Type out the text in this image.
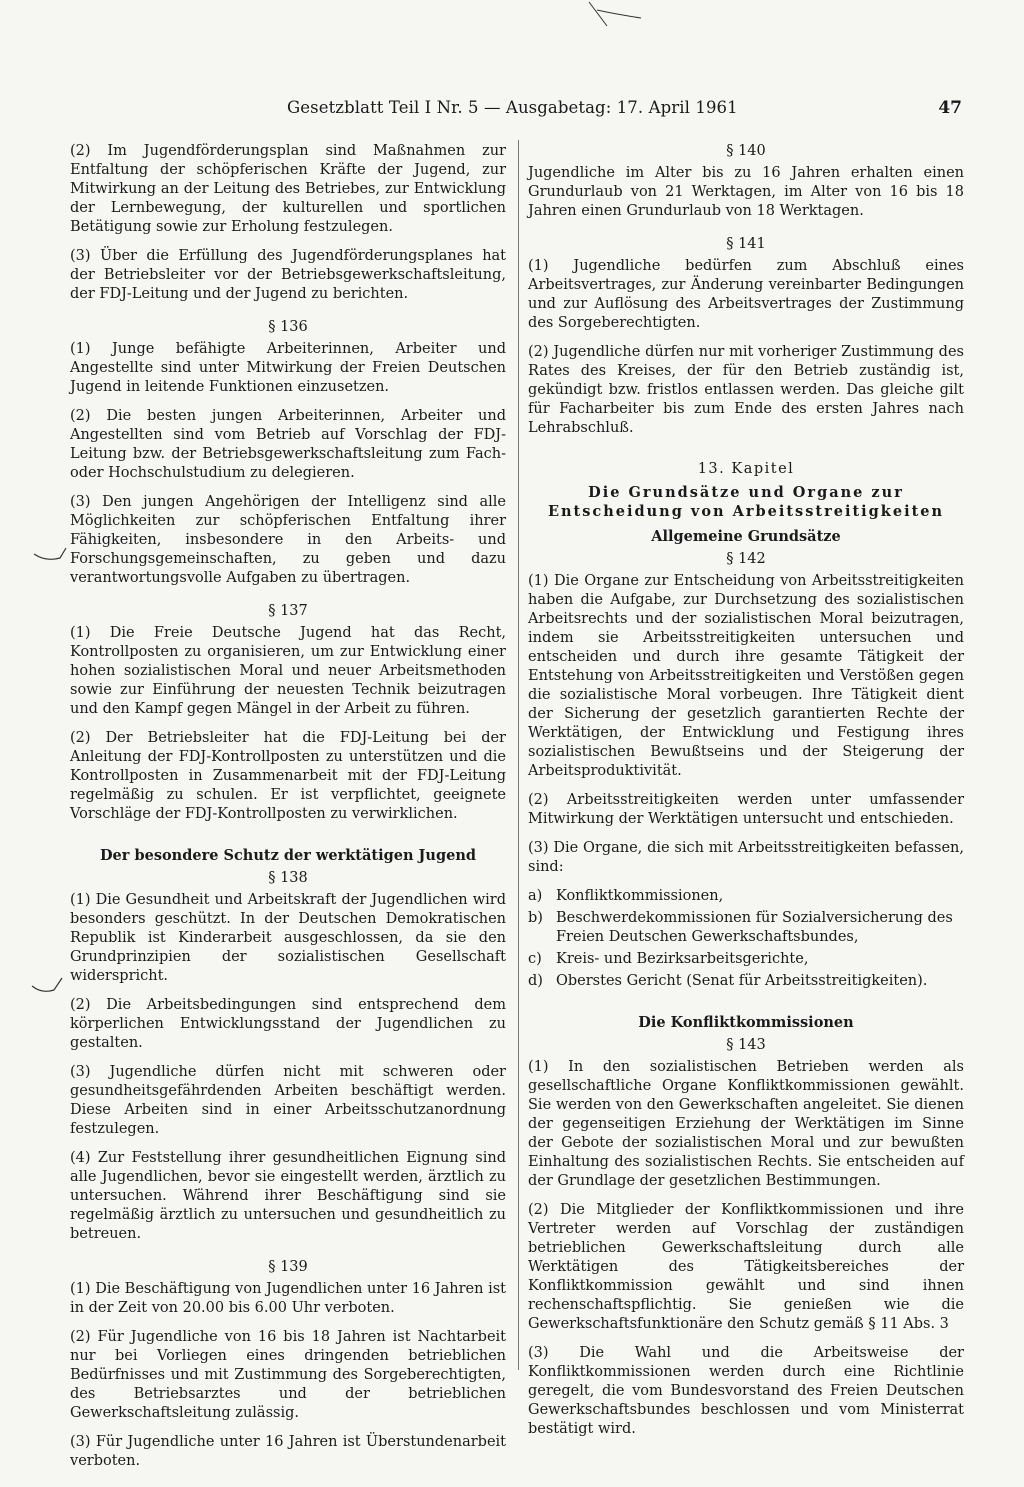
Gesetzblatt Teil I Nr. 5 — Ausgabetag: 17. April 1961	47

(2) Im Jugendförderungsplan sind Maßnahmen zur Entfaltung der schöpferischen Kräfte der Jugend, zur Mitwirkung an der Leitung des Betriebes, zur Entwicklung der Lernbewegung, der kulturellen und sportlichen Betätigung sowie zur Erholung festzulegen.

(3) Über die Erfüllung des Jugendförderungsplanes hat der Betriebsleiter vor der Betriebsgewerkschaftsleitung, der FDJ-Leitung und der Jugend zu berichten.

§ 136

(1) Junge befähigte Arbeiterinnen, Arbeiter und Angestellte sind unter Mitwirkung der Freien Deutschen Jugend in leitende Funktionen einzusetzen.

(2) Die besten jungen Arbeiterinnen, Arbeiter und Angestellten sind vom Betrieb auf Vorschlag der FDJ-Leitung bzw. der Betriebsgewerkschaftsleitung zum Fach- oder Hochschulstudium zu delegieren.

(3) Den jungen Angehörigen der Intelligenz sind alle Möglichkeiten zur schöpferischen Entfaltung ihrer Fähigkeiten, insbesondere in den Arbeits- und Forschungsgemeinschaften, zu geben und dazu verantwortungsvolle Aufgaben zu übertragen.

§ 137

(1) Die Freie Deutsche Jugend hat das Recht, Kontrollposten zu organisieren, um zur Entwicklung einer hohen sozialistischen Moral und neuer Arbeitsmethoden sowie zur Einführung der neuesten Technik beizutragen und den Kampf gegen Mängel in der Arbeit zu führen.

(2) Der Betriebsleiter hat die FDJ-Leitung bei der Anleitung der FDJ-Kontrollposten zu unterstützen und die Kontrollposten in Zusammenarbeit mit der FDJ-Leitung regelmäßig zu schulen. Er ist verpflichtet, geeignete Vorschläge der FDJ-Kontrollposten zu verwirklichen.

Der besondere Schutz der werktätigen Jugend
§ 138

(1) Die Gesundheit und Arbeitskraft der Jugendlichen wird besonders geschützt. In der Deutschen Demokratischen Republik ist Kinderarbeit ausgeschlossen, da sie den Grundprinzipien der sozialistischen Gesellschaft widerspricht.

(2) Die Arbeitsbedingungen sind entsprechend dem körperlichen Entwicklungsstand der Jugendlichen zu gestalten.

(3) Jugendliche dürfen nicht mit schweren oder gesundheitsgefährdenden Arbeiten beschäftigt werden. Diese Arbeiten sind in einer Arbeitsschutzanordnung festzulegen.

(4) Zur Feststellung ihrer gesundheitlichen Eignung sind alle Jugendlichen, bevor sie eingestellt werden, ärztlich zu untersuchen. Während ihrer Beschäftigung sind sie regelmäßig ärztlich zu untersuchen und gesundheitlich zu betreuen.

§ 139

(1) Die Beschäftigung von Jugendlichen unter 16 Jahren ist in der Zeit von 20.00 bis 6.00 Uhr verboten.

(2) Für Jugendliche von 16 bis 18 Jahren ist Nachtarbeit nur bei Vorliegen eines dringenden betrieblichen Bedürfnisses und mit Zustimmung des Sorgeberechtigten, des Betriebsarztes und der betrieblichen Gewerkschaftsleitung zulässig.

(3) Für Jugendliche unter 16 Jahren ist Überstundenarbeit verboten.

§ 140

Jugendliche im Alter bis zu 16 Jahren erhalten einen Grundurlaub von 21 Werktagen, im Alter von 16 bis 18 Jahren einen Grundurlaub von 18 Werktagen.

§ 141

(1) Jugendliche bedürfen zum Abschluß eines Arbeitsvertrages, zur Änderung vereinbarter Bedingungen und zur Auflösung des Arbeitsvertrages der Zustimmung des Sorgeberechtigten.

(2) Jugendliche dürfen nur mit vorheriger Zustimmung des Rates des Kreises, der für den Betrieb zuständig ist, gekündigt bzw. fristlos entlassen werden. Das gleiche gilt für Facharbeiter bis zum Ende des ersten Jahres nach Lehrabschluß.

13. Kapitel
Die Grundsätze und Organe zur Entscheidung von Arbeitsstreitigkeiten
Allgemeine Grundsätze
§ 142

(1) Die Organe zur Entscheidung von Arbeitsstreitigkeiten haben die Aufgabe, zur Durchsetzung des sozialistischen Arbeitsrechts und der sozialistischen Moral beizutragen, indem sie Arbeitsstreitigkeiten untersuchen und entscheiden und durch ihre gesamte Tätigkeit der Entstehung von Arbeitsstreitigkeiten und Verstößen gegen die sozialistische Moral vorbeugen. Ihre Tätigkeit dient der Sicherung der gesetzlich garantierten Rechte der Werktätigen, der Entwicklung und Festigung ihres sozialistischen Bewußtseins und der Steigerung der Arbeitsproduktivität.

(2) Arbeitsstreitigkeiten werden unter umfassender Mitwirkung der Werktätigen untersucht und entschieden.

(3) Die Organe, die sich mit Arbeitsstreitigkeiten befassen, sind:

a) Konfliktkommissionen,
b) Beschwerdekommissionen für Sozialversicherung des Freien Deutschen Gewerkschaftsbundes,
c) Kreis- und Bezirksarbeitsgerichte,
d) Oberstes Gericht (Senat für Arbeitsstreitigkeiten).
Die Konfliktkommissionen
§ 143

(1) In den sozialistischen Betrieben werden als gesellschaftliche Organe Konfliktkommissionen gewählt. Sie werden von den Gewerkschaften angeleitet. Sie dienen der gegenseitigen Erziehung der Werktätigen im Sinne der Gebote der sozialistischen Moral und zur bewußten Einhaltung des sozialistischen Rechts. Sie entscheiden auf der Grundlage der gesetzlichen Bestimmungen.

(2) Die Mitglieder der Konfliktkommissionen und ihre Vertreter werden auf Vorschlag der zuständigen betrieblichen Gewerkschaftsleitung durch alle Werktätigen des Tätigkeitsbereiches der Konfliktkommission gewählt und sind ihnen rechenschaftspflichtig. Sie genießen wie die Gewerkschaftsfunktionäre den Schutz gemäß § 11 Abs. 3

(3) Die Wahl und die Arbeitsweise der Konfliktkommissionen werden durch eine Richtlinie geregelt, die vom Bundesvorstand des Freien Deutschen Gewerkschaftsbundes beschlossen und vom Ministerrat bestätigt wird.
